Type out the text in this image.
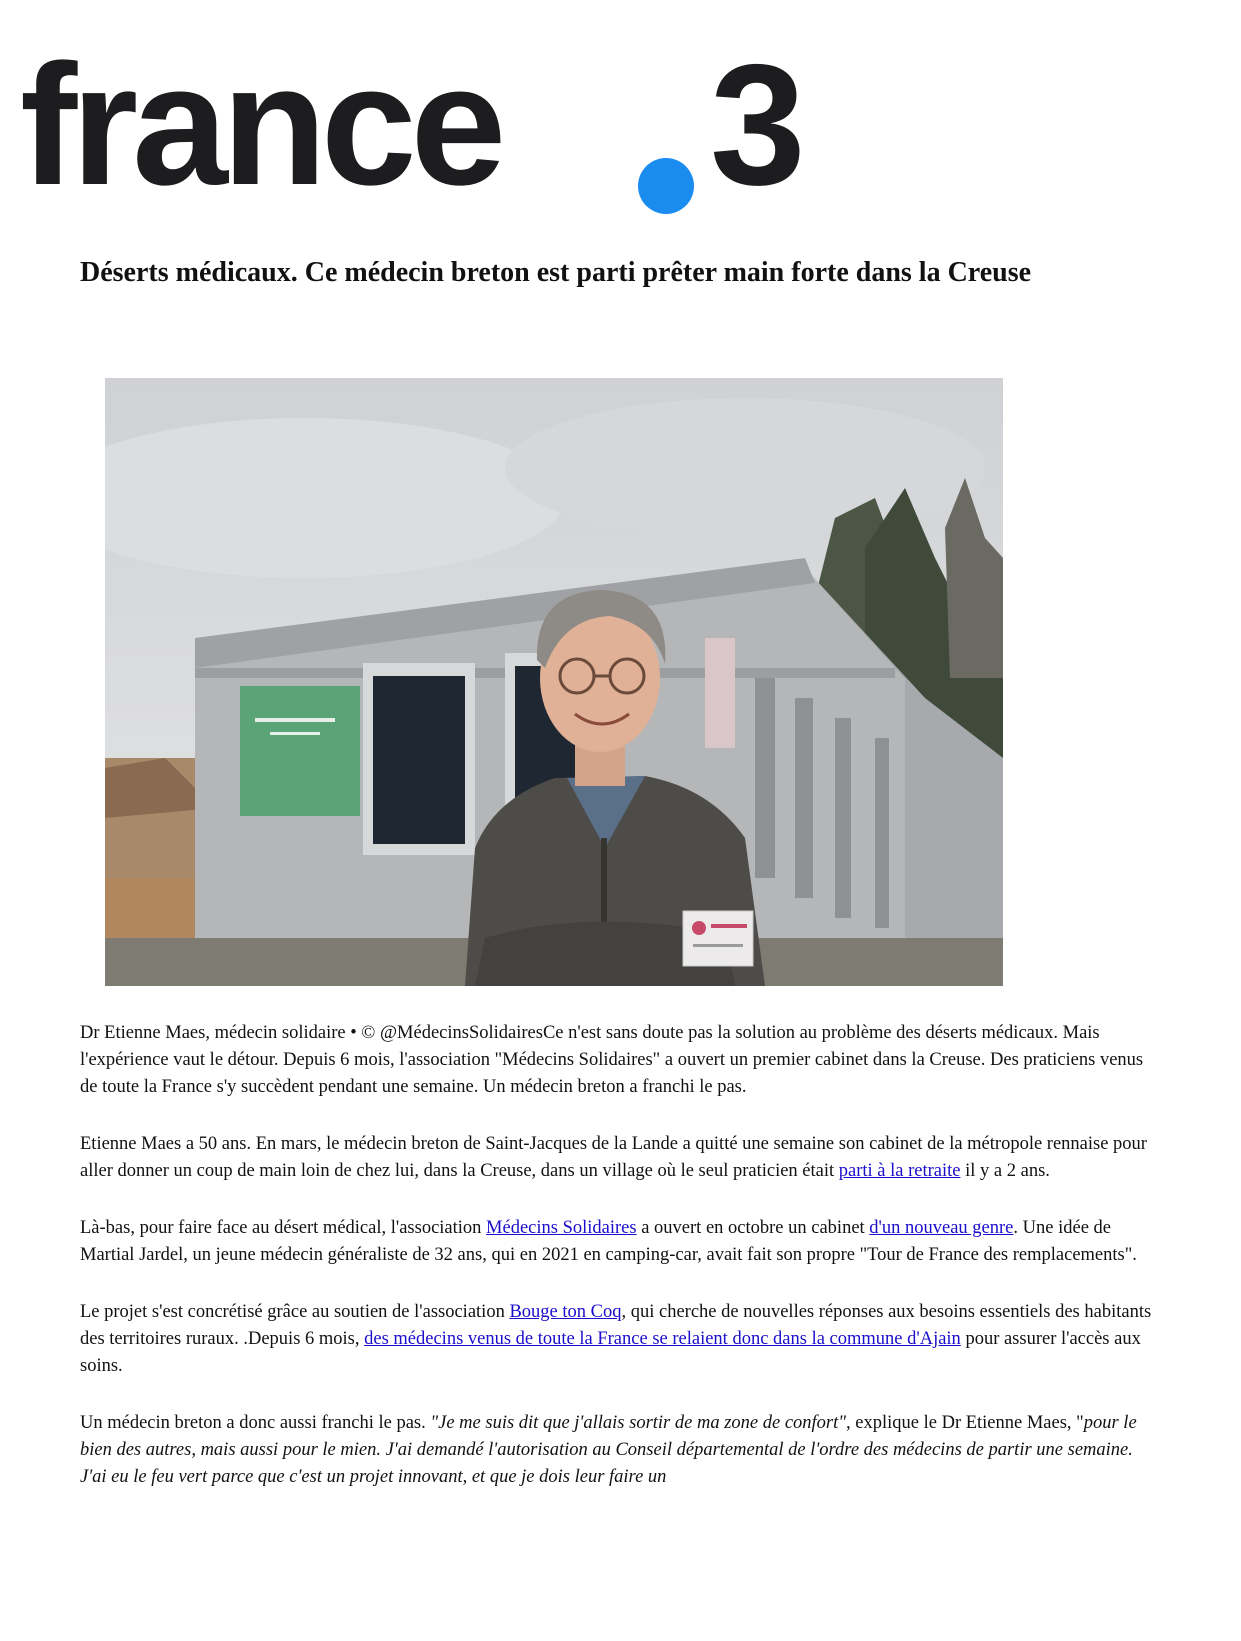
france 3
Déserts médicaux. Ce médecin breton est parti prêter main forte dans la Creuse

Dr Etienne Maes, médecin solidaire • © @MédecinsSolidairesCe n'est sans doute pas la solution au problème des déserts médicaux. Mais l'expérience vaut le détour. Depuis 6 mois, l'association "Médecins Solidaires" a ouvert un premier cabinet dans la Creuse. Des praticiens venus de toute la France s'y succèdent pendant une semaine. Un médecin breton a franchi le pas.

Etienne Maes a 50 ans. En mars, le médecin breton de Saint-Jacques de la Lande a quitté une semaine son cabinet de la métropole rennaise pour aller donner un coup de main loin de chez lui, dans la Creuse, dans un village où le seul praticien était parti à la retraite il y a 2 ans.

Là-bas, pour faire face au désert médical, l'association Médecins Solidaires a ouvert en octobre un cabinet d'un nouveau genre. Une idée de Martial Jardel, un jeune médecin généraliste de 32 ans, qui en 2021 en camping-car, avait fait son propre "Tour de France des remplacements".

Le projet s'est concrétisé grâce au soutien de l'association Bouge ton Coq, qui cherche de nouvelles réponses aux besoins essentiels des habitants des territoires ruraux. .Depuis 6 mois, des médecins venus de toute la France se relaient donc dans la commune d'Ajain pour assurer l'accès aux soins.

Un médecin breton a donc aussi franchi le pas. "Je me suis dit que j'allais sortir de ma zone de confort", explique le Dr Etienne Maes, "pour le bien des autres, mais aussi pour le mien. J'ai demandé l'autorisation au Conseil départemental de l'ordre des médecins de partir une semaine. J'ai eu le feu vert parce que c'est un projet innovant, et que je dois leur faire un
